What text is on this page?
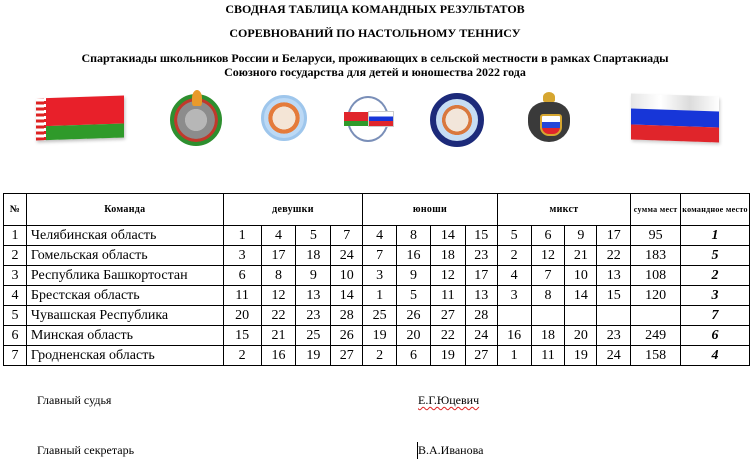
СВОДНАЯ ТАБЛИЦА КОМАНДНЫХ РЕЗУЛЬТАТОВ
СОРЕВНОВАНИЙ ПО НАСТОЛЬНОМУ ТЕННИСУ
Спартакиады школьников России и Беларуси, проживающих в сельской местности в рамках Спартакиады
Союзного государства для детей и юношества 2022 года
№	Команда	девушки				юноши				микст				сумма мест	командное место
1	Челябинская область	1	4	5	7	4	8	14	15	5	6	9	17	95	1
2	Гомельская область	3	17	18	24	7	16	18	23	2	12	21	22	183	5
3	Республика Башкортостан	6	8	9	10	3	9	12	17	4	7	10	13	108	2
4	Брестская область	11	12	13	14	1	5	11	13	3	8	14	15	120	3
5	Чувашская Республика	20	22	23	28	25	26	27	28						7
6	Минская область	15	21	25	26	19	20	22	24	16	18	20	23	249	6
7	Гродненская область	2	16	19	27	2	6	19	27	1	11	19	24	158	4
Главный судья	Е.Г.Юцевич
Главный секретарь	В.А.Иванова
